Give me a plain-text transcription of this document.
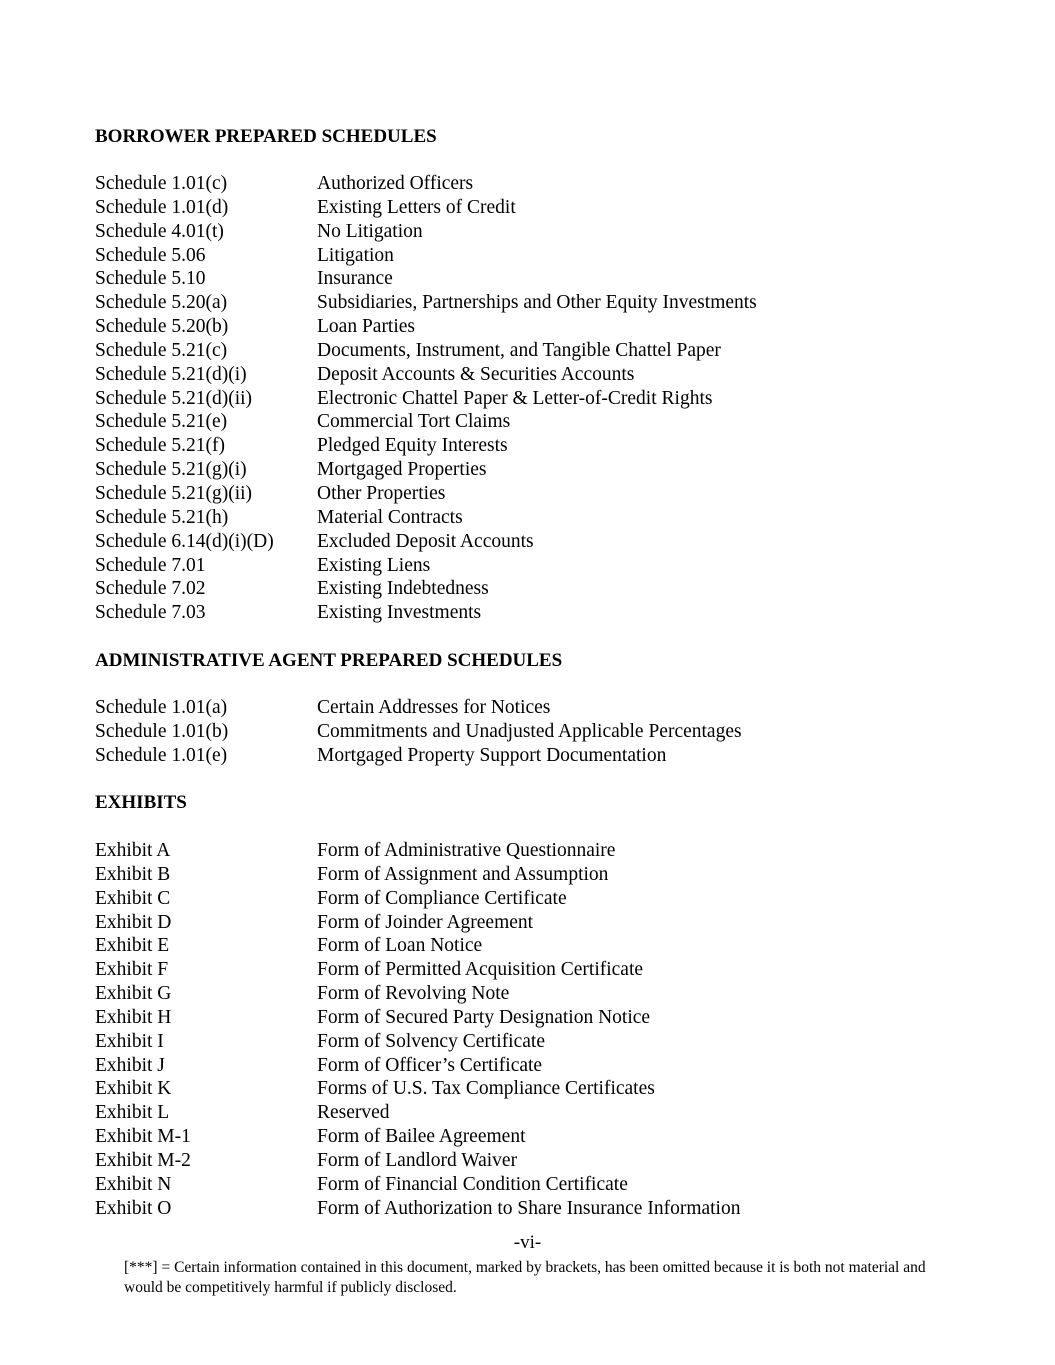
BORROWER PREPARED SCHEDULES
Schedule 1.01(c)	Authorized Officers
Schedule 1.01(d)	Existing Letters of Credit
Schedule 4.01(t)	No Litigation
Schedule 5.06	Litigation
Schedule 5.10	Insurance
Schedule 5.20(a)	Subsidiaries, Partnerships and Other Equity Investments
Schedule 5.20(b)	Loan Parties
Schedule 5.21(c)	Documents, Instrument, and Tangible Chattel Paper
Schedule 5.21(d)(i)	Deposit Accounts & Securities Accounts
Schedule 5.21(d)(ii)	Electronic Chattel Paper & Letter-of-Credit Rights
Schedule 5.21(e)	Commercial Tort Claims
Schedule 5.21(f)	Pledged Equity Interests
Schedule 5.21(g)(i)	Mortgaged Properties
Schedule 5.21(g)(ii)	Other Properties
Schedule 5.21(h)	Material Contracts
Schedule 6.14(d)(i)(D) Excluded Deposit Accounts
Schedule 7.01	Existing Liens
Schedule 7.02	Existing Indebtedness
Schedule 7.03	Existing Investments
ADMINISTRATIVE AGENT PREPARED SCHEDULES
Schedule 1.01(a)	Certain Addresses for Notices
Schedule 1.01(b)	Commitments and Unadjusted Applicable Percentages
Schedule 1.01(e)	Mortgaged Property Support Documentation
EXHIBITS
Exhibit A	Form of Administrative Questionnaire
Exhibit B	Form of Assignment and Assumption
Exhibit C	Form of Compliance Certificate
Exhibit D	Form of Joinder Agreement
Exhibit E	Form of Loan Notice
Exhibit F	Form of Permitted Acquisition Certificate
Exhibit G	Form of Revolving Note
Exhibit H	Form of Secured Party Designation Notice
Exhibit I	Form of Solvency Certificate
Exhibit J	Form of Officer’s Certificate
Exhibit K	Forms of U.S. Tax Compliance Certificates
Exhibit L	Reserved
Exhibit M-1	Form of Bailee Agreement
Exhibit M-2	Form of Landlord Waiver
Exhibit N	Form of Financial Condition Certificate
Exhibit O	Form of Authorization to Share Insurance Information
-vi-
[***] = Certain information contained in this document, marked by brackets, has been omitted because it is both not material and would be competitively harmful if publicly disclosed.
